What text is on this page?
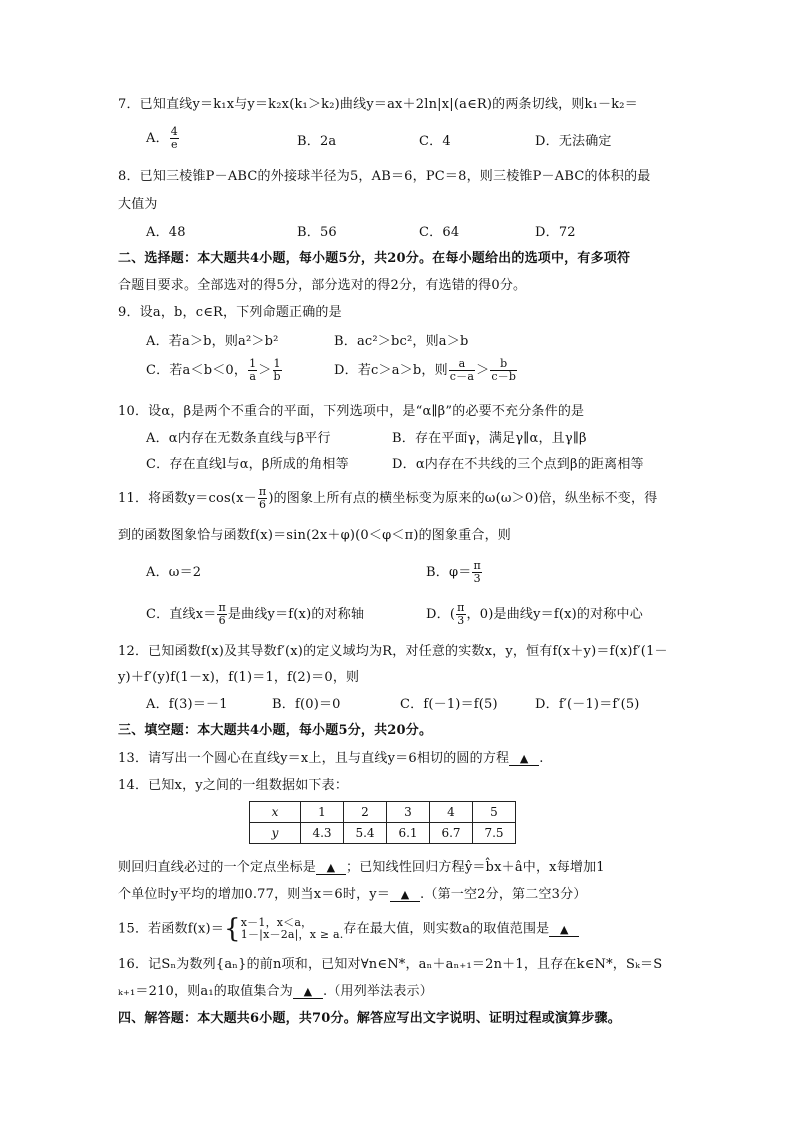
7．已知直线y＝k₁x与y＝k₂x(k₁＞k₂)曲线y＝ax＋2ln|x|(a∈R)的两条切线，则k₁－k₂＝
A． $\frac{4}{e}$	B．2a	C．4	D．无法确定
8．已知三棱锥P－ABC的外接球半径为5，AB＝6，PC＝8，则三棱锥P－ABC的体积的最
大值为
A．48	B．56	C．64	D．72
二、选择题：本大题共4小题，每小题5分，共20分。在每小题给出的选项中，有多项符
合题目要求。全部选对的得5分，部分选对的得2分，有选错的得0分。
9．设a，b，c∈R，下列命题正确的是
A．若a＞b，则a²＞b²	B．ac²＞bc²，则a＞b
C．若a＜b＜0， $\frac{1}{a} > \frac{1}{b}$	D．若c＞a＞b，则 $\frac{a}{c-a} > \frac{b}{c-b}$
10．设α，β是两个不重合的平面，下列选项中，是“α∥β”的必要不充分条件的是
A．α内存在无数条直线与β平行	B．存在平面γ，满足γ∥α，且γ∥β
C．存在直线l与α，β所成的角相等	D．α内存在不共线的三个点到β的距离相等
11．将函数$y=\cos(x- \frac{\pi}{6}$ )的图象上所有点的横坐标变为原来的ω(ω＞0)倍，纵坐标不变，得
到的函数图象恰与函数f(x)＝sin(2x＋φ)(0＜φ＜π)的图象重合，则
A．ω＝2	B．$\varphi= \frac{\pi}{3}$
C．直线$x= \frac{\pi}{6}$ 是曲线y＝f(x)的对称轴	D．( $\frac{\pi}{3}$ ，0)是曲线y＝f(x)的对称中心
12．已知函数f(x)及其导数f′(x)的定义域均为R，对任意的实数x，y，恒有f(x＋y)＝f(x)f′(1－
y)＋f′(y)f(1－x)，f(1)＝1，f(2)＝0，则
A．f(3)＝－1	B．f(0)＝0	C．f(－1)＝f(5)	D．f′(－1)＝f′(5)
三、填空题：本大题共4小题，每小题5分，共20分。
13．请写出一个圆心在直线y＝x上，且与直线y＝6相切的圆的方程 ▲ .
14．已知x，y之间的一组数据如下表：
x	1	2	3	4	5
y	4.3	5.4	6.1	6.7	7.5
则回归直线必过的一个定点坐标是 ▲ ；已知线性回归方程ŷ＝b̂x＋â中，x每增加1
个单位时y平均的增加0.77，则当x＝6时，y＝ ▲ .（第一空2分，第二空3分）
15．若函数f(x)＝{ x－1，x＜a，
1－|x－2a|，x ≥ a. 存在最大值，则实数a的取值范围是 ▲
16．记Sₙ为数列{aₙ}的前n项和，已知对∀n∈N*，aₙ＋aₙ₊₁＝2n＋1，且存在k∈N*，Sₖ＝S
ₖ₊₁＝210，则a₁的取值集合为 ▲ .（用列举法表示）
四、解答题：本大题共6小题，共70分。解答应写出文字说明、证明过程或演算步骤。
